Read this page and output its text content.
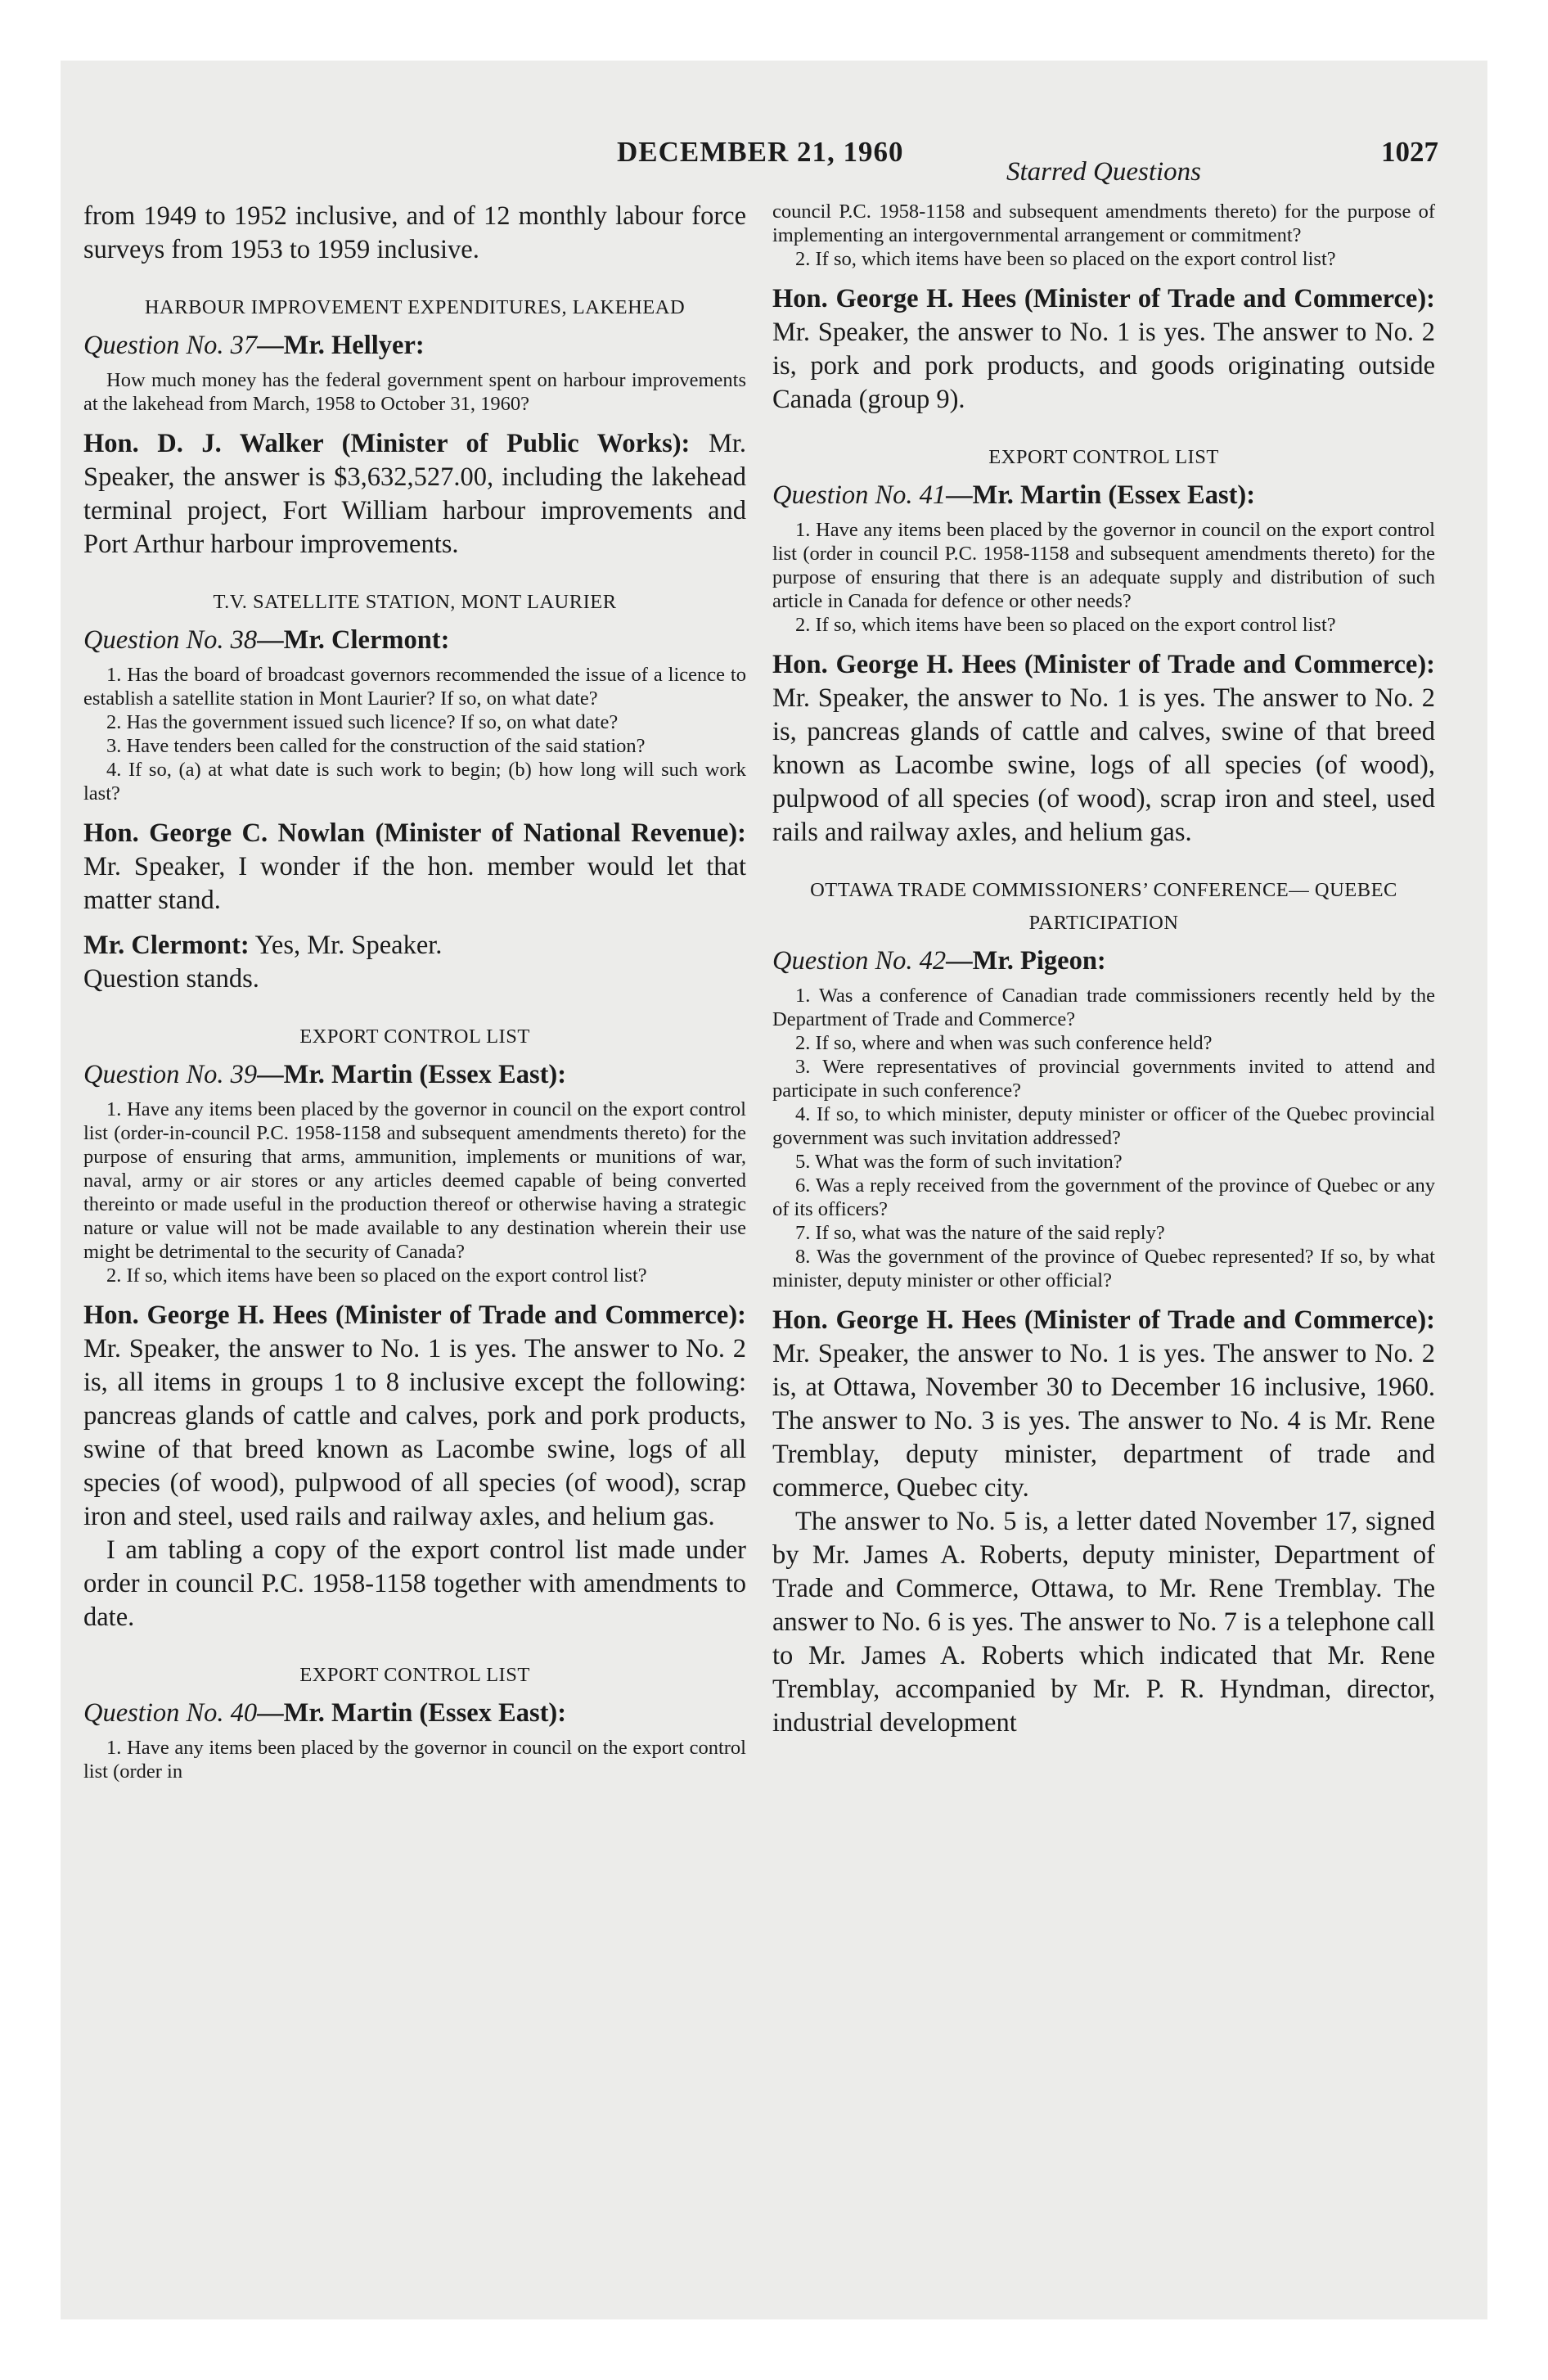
DECEMBER 21, 1960	1027

from 1949 to 1952 inclusive, and of 12 monthly labour force surveys from 1953 to 1959 inclusive.

HARBOUR IMPROVEMENT EXPENDITURES, LAKEHEAD
Question No. 37—Mr. Hellyer:

How much money has the federal government spent on harbour improvements at the lakehead from March, 1958 to October 31, 1960?

Hon. D. J. Walker (Minister of Public Works): Mr. Speaker, the answer is $3,632,527.00, including the lakehead terminal project, Fort William harbour improvements and Port Arthur harbour improvements.

T.V. SATELLITE STATION, MONT LAURIER
Question No. 38—Mr. Clermont:

1. Has the board of broadcast governors recommended the issue of a licence to establish a satellite station in Mont Laurier? If so, on what date?

2. Has the government issued such licence? If so, on what date?

3. Have tenders been called for the construction of the said station?

4. If so, (a) at what date is such work to begin; (b) how long will such work last?

Hon. George C. Nowlan (Minister of National Revenue): Mr. Speaker, I wonder if the hon. member would let that matter stand.

Mr. Clermont: Yes, Mr. Speaker.

Question stands.

EXPORT CONTROL LIST
Question No. 39—Mr. Martin (Essex East):

1. Have any items been placed by the governor in council on the export control list (order-in-council P.C. 1958-1158 and subsequent amendments thereto) for the purpose of ensuring that arms, ammunition, implements or munitions of war, naval, army or air stores or any articles deemed capable of being converted thereinto or made useful in the production thereof or otherwise having a strategic nature or value will not be made available to any destination wherein their use might be detrimental to the security of Canada?

2. If so, which items have been so placed on the export control list?

Hon. George H. Hees (Minister of Trade and Commerce): Mr. Speaker, the answer to No. 1 is yes. The answer to No. 2 is, all items in groups 1 to 8 inclusive except the following: pancreas glands of cattle and calves, pork and pork products, swine of that breed known as Lacombe swine, logs of all species (of wood), pulpwood of all species (of wood), scrap iron and steel, used rails and railway axles, and helium gas.

I am tabling a copy of the export control list made under order in council P.C. 1958-1158 together with amendments to date.

EXPORT CONTROL LIST
Question No. 40—Mr. Martin (Essex East):

1. Have any items been placed by the governor in council on the export control list (order in

Starred Questions

council P.C. 1958-1158 and subsequent amendments thereto) for the purpose of implementing an intergovernmental arrangement or commitment?

2. If so, which items have been so placed on the export control list?

Hon. George H. Hees (Minister of Trade and Commerce): Mr. Speaker, the answer to No. 1 is yes. The answer to No. 2 is, pork and pork products, and goods originating outside Canada (group 9).

EXPORT CONTROL LIST
Question No. 41—Mr. Martin (Essex East):

1. Have any items been placed by the governor in council on the export control list (order in council P.C. 1958-1158 and subsequent amendments thereto) for the purpose of ensuring that there is an adequate supply and distribution of such article in Canada for defence or other needs?

2. If so, which items have been so placed on the export control list?

Hon. George H. Hees (Minister of Trade and Commerce): Mr. Speaker, the answer to No. 1 is yes. The answer to No. 2 is, pancreas glands of cattle and calves, swine of that breed known as Lacombe swine, logs of all species (of wood), pulpwood of all species (of wood), scrap iron and steel, used rails and railway axles, and helium gas.

OTTAWA TRADE COMMISSIONERS’ CONFERENCE— QUEBEC PARTICIPATION
Question No. 42—Mr. Pigeon:

1. Was a conference of Canadian trade commissioners recently held by the Department of Trade and Commerce?

2. If so, where and when was such conference held?

3. Were representatives of provincial governments invited to attend and participate in such conference?

4. If so, to which minister, deputy minister or officer of the Quebec provincial government was such invitation addressed?

5. What was the form of such invitation?

6. Was a reply received from the government of the province of Quebec or any of its officers?

7. If so, what was the nature of the said reply?

8. Was the government of the province of Quebec represented? If so, by what minister, deputy minister or other official?

Hon. George H. Hees (Minister of Trade and Commerce): Mr. Speaker, the answer to No. 1 is yes. The answer to No. 2 is, at Ottawa, November 30 to December 16 inclusive, 1960. The answer to No. 3 is yes. The answer to No. 4 is Mr. Rene Tremblay, deputy minister, department of trade and commerce, Quebec city.

The answer to No. 5 is, a letter dated November 17, signed by Mr. James A. Roberts, deputy minister, Department of Trade and Commerce, Ottawa, to Mr. Rene Tremblay. The answer to No. 6 is yes. The answer to No. 7 is a telephone call to Mr. James A. Roberts which indicated that Mr. Rene Tremblay, accompanied by Mr. P. R. Hyndman, director, industrial development
